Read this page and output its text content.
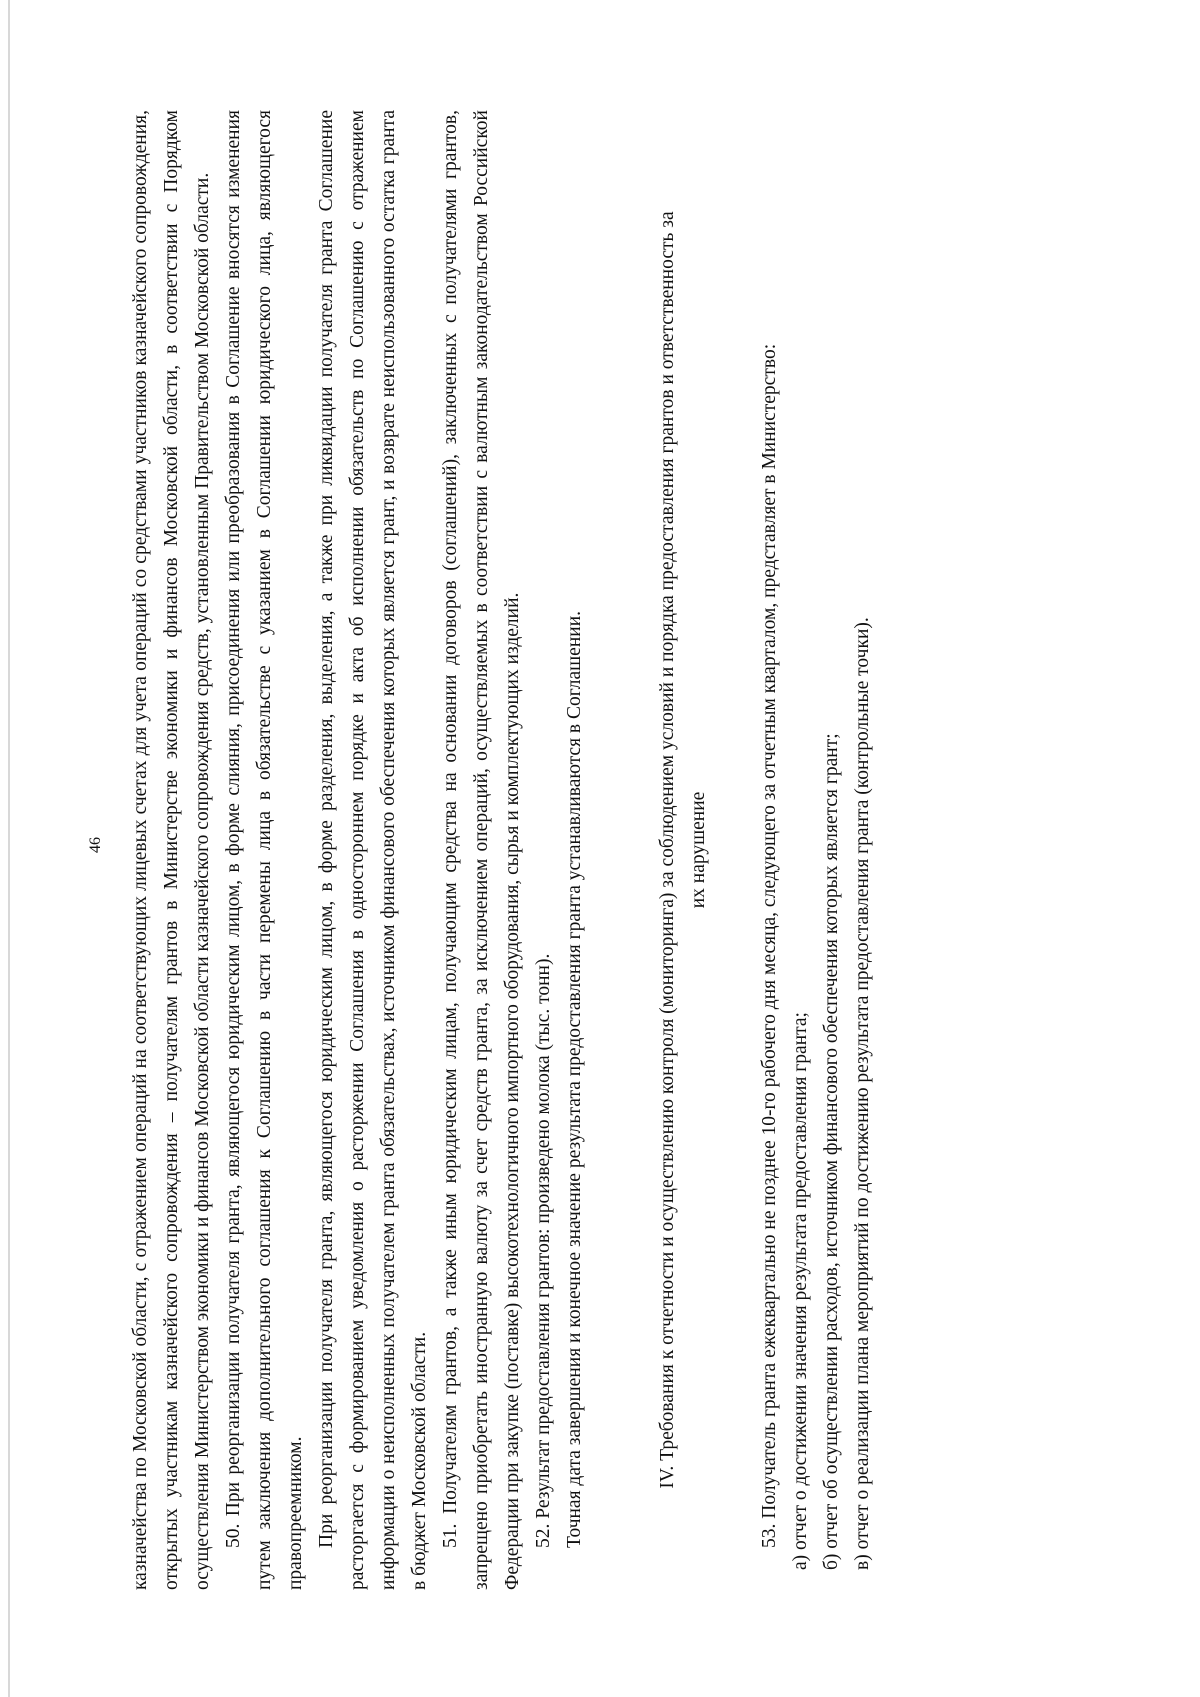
46 казначейства по Московской области, с отражением операций на соответствующих лицевых счетах для учета операций со средствами участников казначейского сопровождения, открытых участникам казначейского сопровождения – получателям грантов в Министерстве экономики и финансов Московской области, в соответствии с Порядком осуществления Министерством экономики и финансов Московской области казначейского сопровождения средств, установленным Правительством Московской области. 50. При реорганизации получателя гранта, являющегося юридическим лицом, в форме слияния, присоединения или преобразования в Соглашение вносятся изменения путем заключения дополнительного соглашения к Соглашению в части перемены лица в обязательстве с указанием в Соглашении юридического лица, являющегося правопреемником. При реорганизации получателя гранта, являющегося юридическим лицом, в форме разделения, выделения, а также при ликвидации получателя гранта Соглашение расторгается с формированием уведомления о расторжении Соглашения в одностороннем порядке и акта об исполнении обязательств по Соглашению с отражением информации о неисполненных получателем гранта обязательствах, источником финансового обеспечения которых является грант, и возврате неиспользованного остатка гранта в бюджет Московской области. 51. Получателям грантов, а также иным юридическим лицам, получающим средства на основании договоров (соглашений), заключенных с получателями грантов, запрещено приобретать иностранную валюту за счет средств гранта, за исключением операций, осуществляемых в соответствии с валютным законодательством Российской Федерации при закупке (поставке) высокотехнологичного импортного оборудования, сырья и комплектующих изделий. 52. Результат предоставления грантов: произведено молока (тыс. тонн). Точная дата завершения и конечное значение результата предоставления гранта устанавливаются в Соглашении.	IV. Требования к отчетности и осуществлению контроля (мониторинга) за соблюдением условий и порядка предоставления грантов и ответственность за их нарушение	53. Получатель гранта ежеквартально не позднее 10-го рабочего дня месяца, следующего за отчетным кварталом, представляет в Министерство: а) отчет о достижении значения результата предоставления гранта; б) отчет об осуществлении расходов, источником финансового обеспечения которых является грант; в) отчет о реализации плана мероприятий по достижению результата предоставления гранта (контрольные точки).
